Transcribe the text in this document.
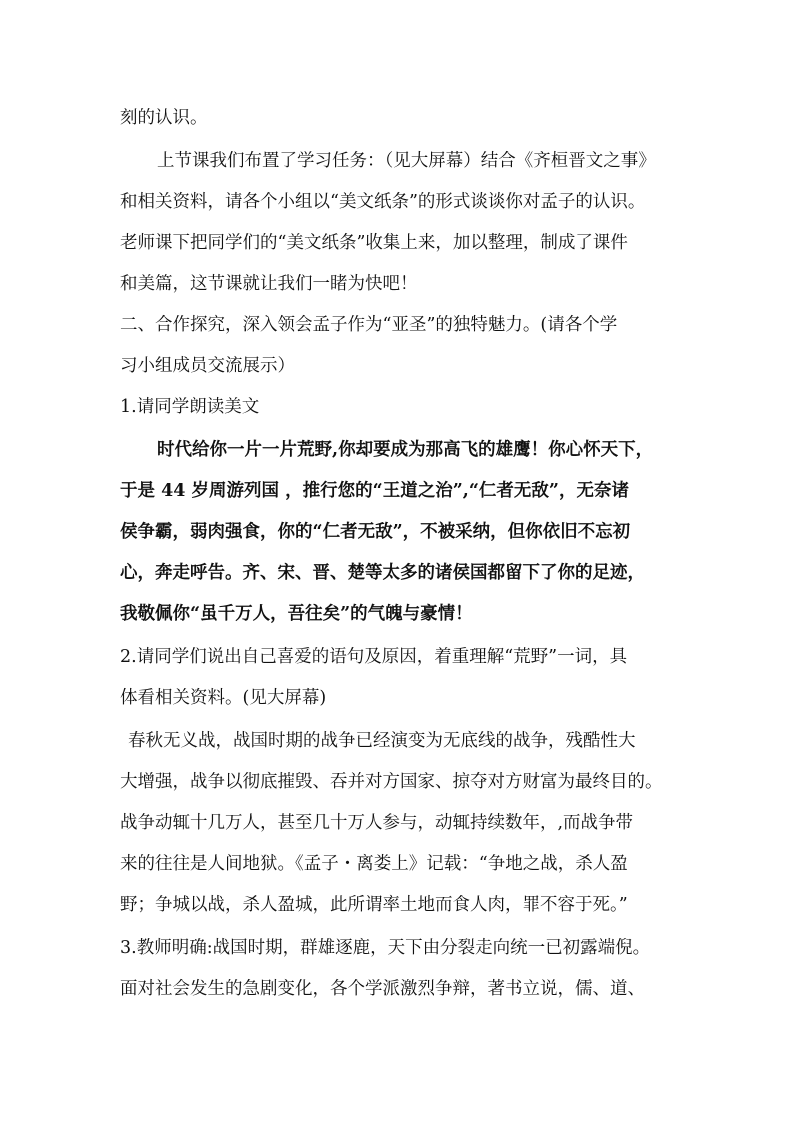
刻的认识。
上节课我们布置了学习任务：（见大屏幕）结合《齐桓晋文之事》
和相关资料，请各个小组以“美文纸条”的形式谈谈你对孟子的认识。
老师课下把同学们的“美文纸条”收集上来，加以整理，制成了课件
和美篇，这节课就让我们一睹为快吧！
二、合作探究，深入领会孟子作为“亚圣”的独特魅力。(请各个学
习小组成员交流展示）
1.请同学朗读美文
时代给你一片一片荒野,你却要成为那高飞的雄鹰！你心怀天下，
于是 44 岁周游列国 ，推行您的“王道之治”,“仁者无敌”，无奈诸
侯争霸，弱肉强食，你的“仁者无敌”，不被采纳，但你依旧不忘初
心，奔走呼告。齐、宋、晋、楚等太多的诸侯国都留下了你的足迹，
我敬佩你“虽千万人，吾往矣”的气魄与豪情！
2.请同学们说出自己喜爱的语句及原因，着重理解“荒野”一词，具
体看相关资料。(见大屏幕)
春秋无义战，战国时期的战争已经演变为无底线的战争，残酷性大
大增强，战争以彻底摧毁、吞并对方国家、掠夺对方财富为最终目的。
战争动辄十几万人，甚至几十万人参与，动辄持续数年，,而战争带
来的往往是人间地狱。《孟子・离娄上》记载：“争地之战，杀人盈
野；争城以战，杀人盈城，此所谓率土地而食人肉，罪不容于死。”
3.教师明确:战国时期，群雄逐鹿，天下由分裂走向统一已初露端倪。
面对社会发生的急剧变化，各个学派激烈争辩，著书立说，儒、道、
